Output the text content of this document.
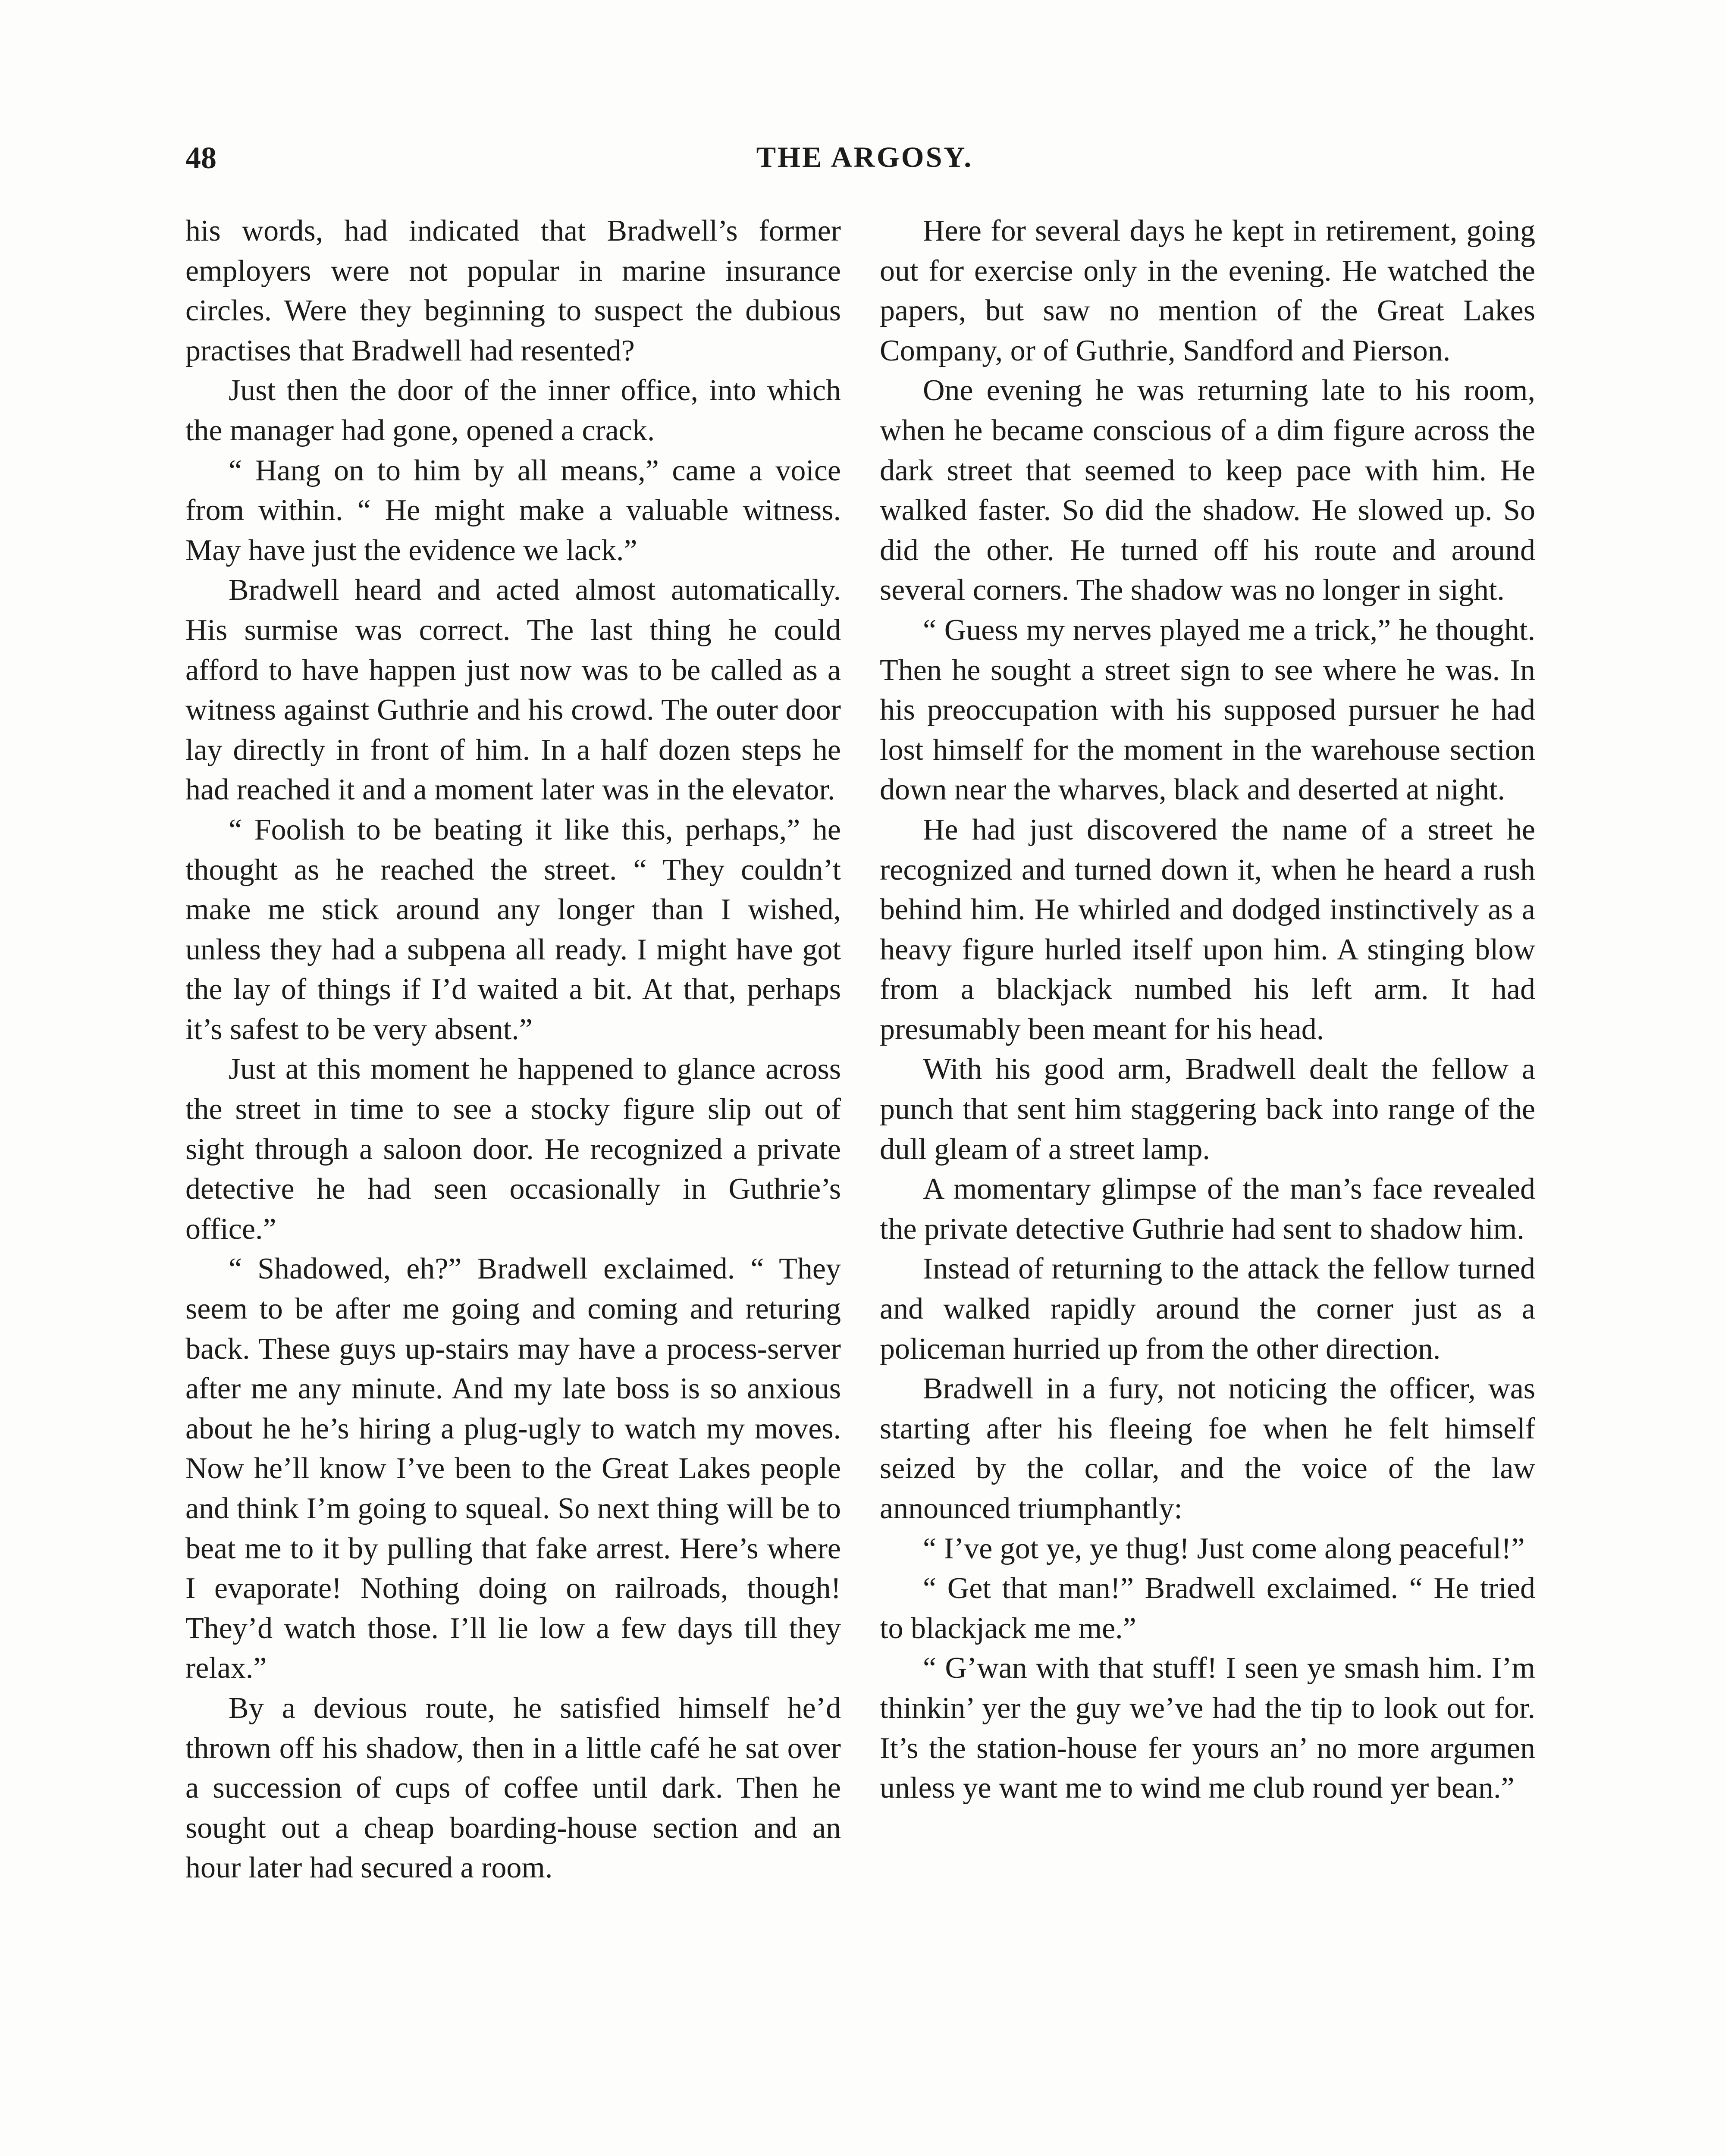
48	THE ARGOSY.

his words, had indicated that Bradwell’s former employers were not popular in marine insurance circles. Were they beginning to suspect the dubious practises that Bradwell had resented?

Just then the door of the inner office, into which the manager had gone, opened a crack.

“ Hang on to him by all means,” came a voice from within. “ He might make a valuable witness. May have just the evidence we lack.”

Bradwell heard and acted almost automatically. His surmise was correct. The last thing he could afford to have happen just now was to be called as a witness against Guthrie and his crowd. The outer door lay directly in front of him. In a half dozen steps he had reached it and a moment later was in the elevator.

“ Foolish to be beating it like this, perhaps,” he thought as he reached the street. “ They couldn’t make me stick around any longer than I wished, unless they had a subpena all ready. I might have got the lay of things if I’d waited a bit. At that, perhaps it’s safest to be very absent.”

Just at this moment he happened to glance across the street in time to see a stocky figure slip out of sight through a saloon door. He recognized a private detective he had seen occasionally in Guthrie’s office.”

“ Shadowed, eh?” Bradwell exclaimed. “ They seem to be after me going and coming and returing back. These guys up-stairs may have a process-server after me any minute. And my late boss is so anxious about he he’s hiring a plug-ugly to watch my moves. Now he’ll know I’ve been to the Great Lakes people and think I’m going to squeal. So next thing will be to beat me to it by pulling that fake arrest. Here’s where I evaporate! Nothing doing on railroads, though! They’d watch those. I’ll lie low a few days till they relax.”

By a devious route, he satisfied himself he’d thrown off his shadow, then in a little café he sat over a succession of cups of coffee until dark. Then he sought out a cheap boarding-house section and an hour later had secured a room.

Here for several days he kept in retirement, going out for exercise only in the evening. He watched the papers, but saw no mention of the Great Lakes Company, or of Guthrie, Sandford and Pierson.

One evening he was returning late to his room, when he became conscious of a dim figure across the dark street that seemed to keep pace with him. He walked faster. So did the shadow. He slowed up. So did the other. He turned off his route and around several corners. The shadow was no longer in sight.

“ Guess my nerves played me a trick,” he thought. Then he sought a street sign to see where he was. In his preoccupation with his supposed pursuer he had lost himself for the moment in the warehouse section down near the wharves, black and deserted at night.

He had just discovered the name of a street he recognized and turned down it, when he heard a rush behind him. He whirled and dodged instinctively as a heavy figure hurled itself upon him. A stinging blow from a blackjack numbed his left arm. It had presumably been meant for his head.

With his good arm, Bradwell dealt the fellow a punch that sent him staggering back into range of the dull gleam of a street lamp.

A momentary glimpse of the man’s face revealed the private detective Guthrie had sent to shadow him.

Instead of returning to the attack the fellow turned and walked rapidly around the corner just as a policeman hurried up from the other direction.

Bradwell in a fury, not noticing the officer, was starting after his fleeing foe when he felt himself seized by the collar, and the voice of the law announced triumphantly:

“ I’ve got ye, ye thug! Just come along peaceful!”

“ Get that man!” Bradwell exclaimed. “ He tried to blackjack me me.”

“ G’wan with that stuff! I seen ye smash him. I’m thinkin’ yer the guy we’ve had the tip to look out for. It’s the station-house fer yours an’ no more argumen unless ye want me to wind me club round yer bean.”
